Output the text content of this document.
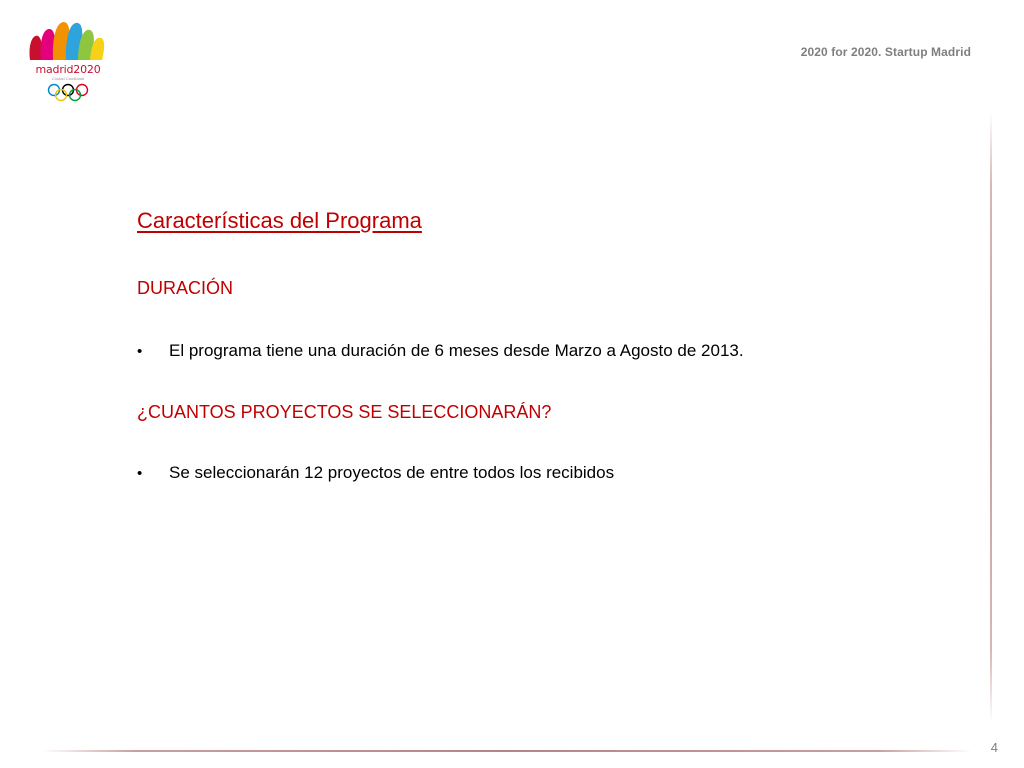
madrid2020
Ciudad Candidata
2020 for 2020. Startup Madrid
Características del Programa
DURACIÓN
•	El programa tiene una duración de 6 meses desde Marzo a Agosto de 2013.
¿CUANTOS PROYECTOS SE SELECCIONARÁN?
•	Se seleccionarán 12 proyectos de entre todos los recibidos
4
